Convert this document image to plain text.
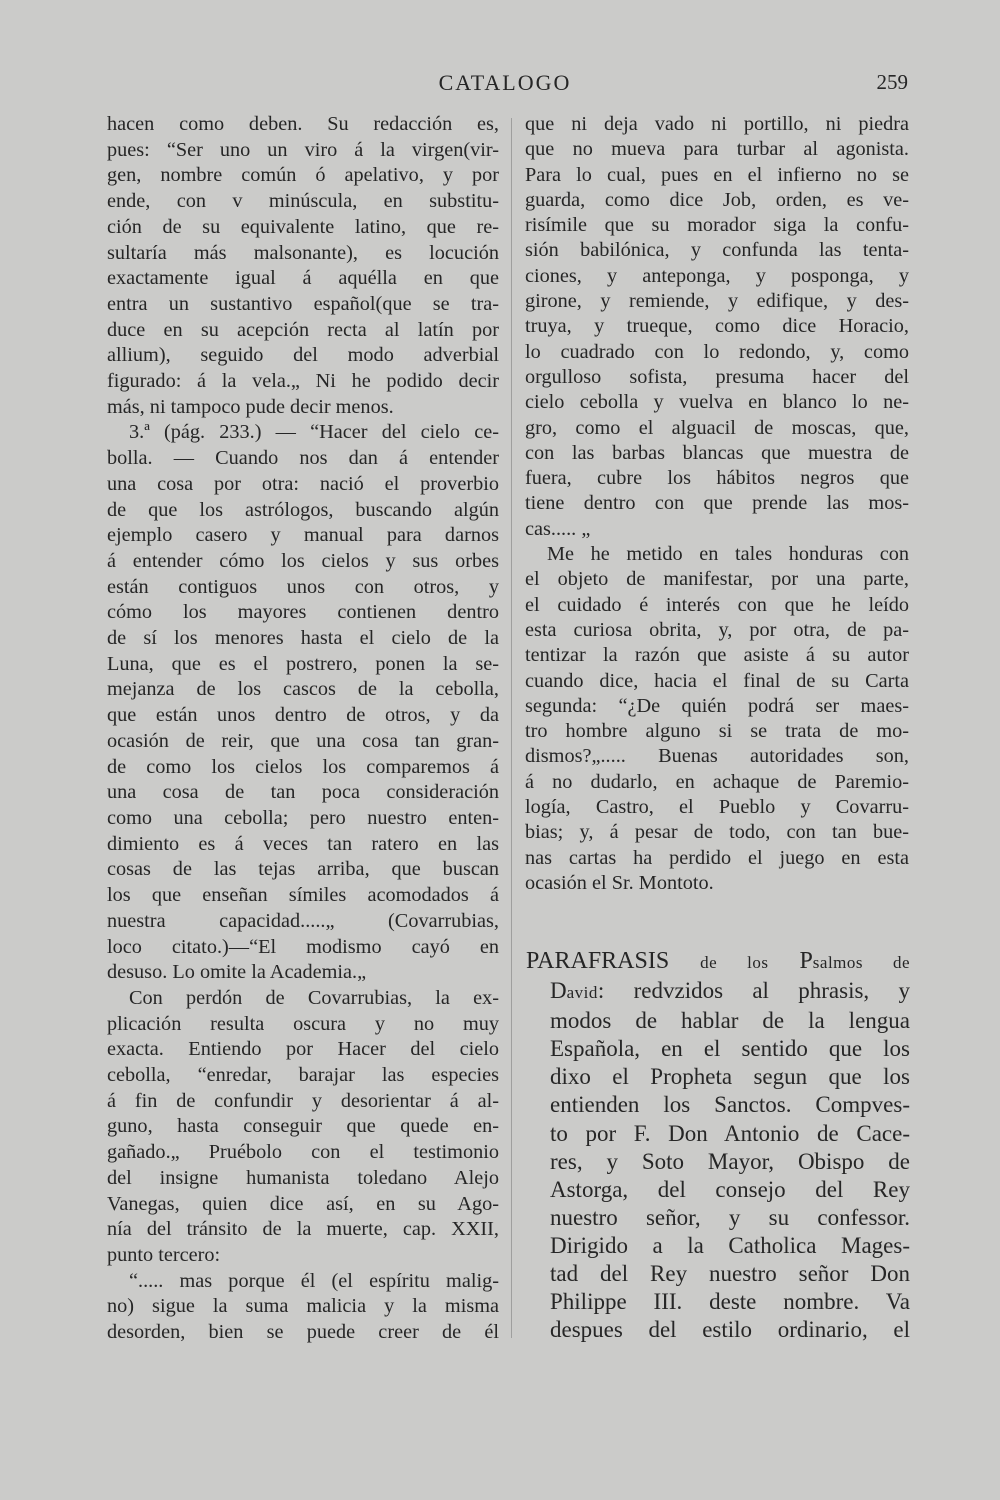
CATALOGO	259

hacen como deben. Su redacción es,

pues: “Ser uno un viro á la virgen(vir-

gen, nombre común ó apelativo, y por

ende, con v minúscula, en substitu-

ción de su equivalente latino, que re-

sultaría más malsonante), es locución

exactamente igual á aquélla en que

entra un sustantivo español(que se tra-

duce en su acepción recta al latín por

allium), seguido del modo adverbial

figurado: á la vela.„ Ni he podido decir

más, ni tampoco pude decir menos.

3.ª (pág. 233.) — “Hacer del cielo ce-

bolla. — Cuando nos dan á entender

una cosa por otra: nació el proverbio

de que los astrólogos, buscando algún

ejemplo casero y manual para darnos

á entender cómo los cielos y sus orbes

están contiguos unos con otros, y

cómo los mayores contienen dentro

de sí los menores hasta el cielo de la

Luna, que es el postrero, ponen la se-

mejanza de los cascos de la cebolla,

que están unos dentro de otros, y da

ocasión de reir, que una cosa tan gran-

de como los cielos los comparemos á

una cosa de tan poca consideración

como una cebolla; pero nuestro enten-

dimiento es á veces tan ratero en las

cosas de las tejas arriba, que buscan

los que enseñan símiles acomodados á

nuestra capacidad.....„ (Covarrubias,

loco citato.)—“El modismo cayó en

desuso. Lo omite la Academia.„

Con perdón de Covarrubias, la ex-

plicación resulta oscura y no muy

exacta. Entiendo por Hacer del cielo

cebolla, “enredar, barajar las especies

á fin de confundir y desorientar á al-

guno, hasta conseguir que quede en-

gañado.„ Pruébolo con el testimonio

del insigne humanista toledano Alejo

Vanegas, quien dice así, en su Ago-

nía del tránsito de la muerte, cap. XXII,

punto tercero:

“..... mas porque él (el espíritu malig-

no) sigue la suma malicia y la misma

desorden, bien se puede creer de él

que ni deja vado ni portillo, ni piedra

que no mueva para turbar al agonista.

Para lo cual, pues en el infierno no se

guarda, como dice Job, orden, es ve-

risímile que su morador siga la confu-

sión babilónica, y confunda las tenta-

ciones, y anteponga, y posponga, y

girone, y remiende, y edifique, y des-

truya, y trueque, como dice Horacio,

lo cuadrado con lo redondo, y, como

orgulloso sofista, presuma hacer del

cielo cebolla y vuelva en blanco lo ne-

gro, como el alguacil de moscas, que,

con las barbas blancas que muestra de

fuera, cubre los hábitos negros que

tiene dentro con que prende las mos-

cas..... „

Me he metido en tales honduras con

el objeto de manifestar, por una parte,

el cuidado é interés con que he leído

esta curiosa obrita, y, por otra, de pa-

tentizar la razón que asiste á su autor

cuando dice, hacia el final de su Carta

segunda: “¿De quién podrá ser maes-

tro hombre alguno si se trata de mo-

dismos?„..... Buenas autoridades son,

á no dudarlo, en achaque de Paremio-

logía, Castro, el Pueblo y Covarru-

bias; y, á pesar de todo, con tan bue-

nas cartas ha perdido el juego en esta

ocasión el Sr. Montoto.

PARAFRASIS de los Psalmos de
David: redvzidos al phrasis, y
modos de hablar de la lengua
Española, en el sentido que los
dixo el Propheta segun que los
entienden los Sanctos. Compves-
to por F. Don Antonio de Cace-
res, y Soto Mayor, Obispo de
Astorga, del consejo del Rey
nuestro señor, y su confessor.
Dirigido a la Catholica Mages-
tad del Rey nuestro señor Don
Philippe III. deste nombre. Va
despues del estilo ordinario, el
